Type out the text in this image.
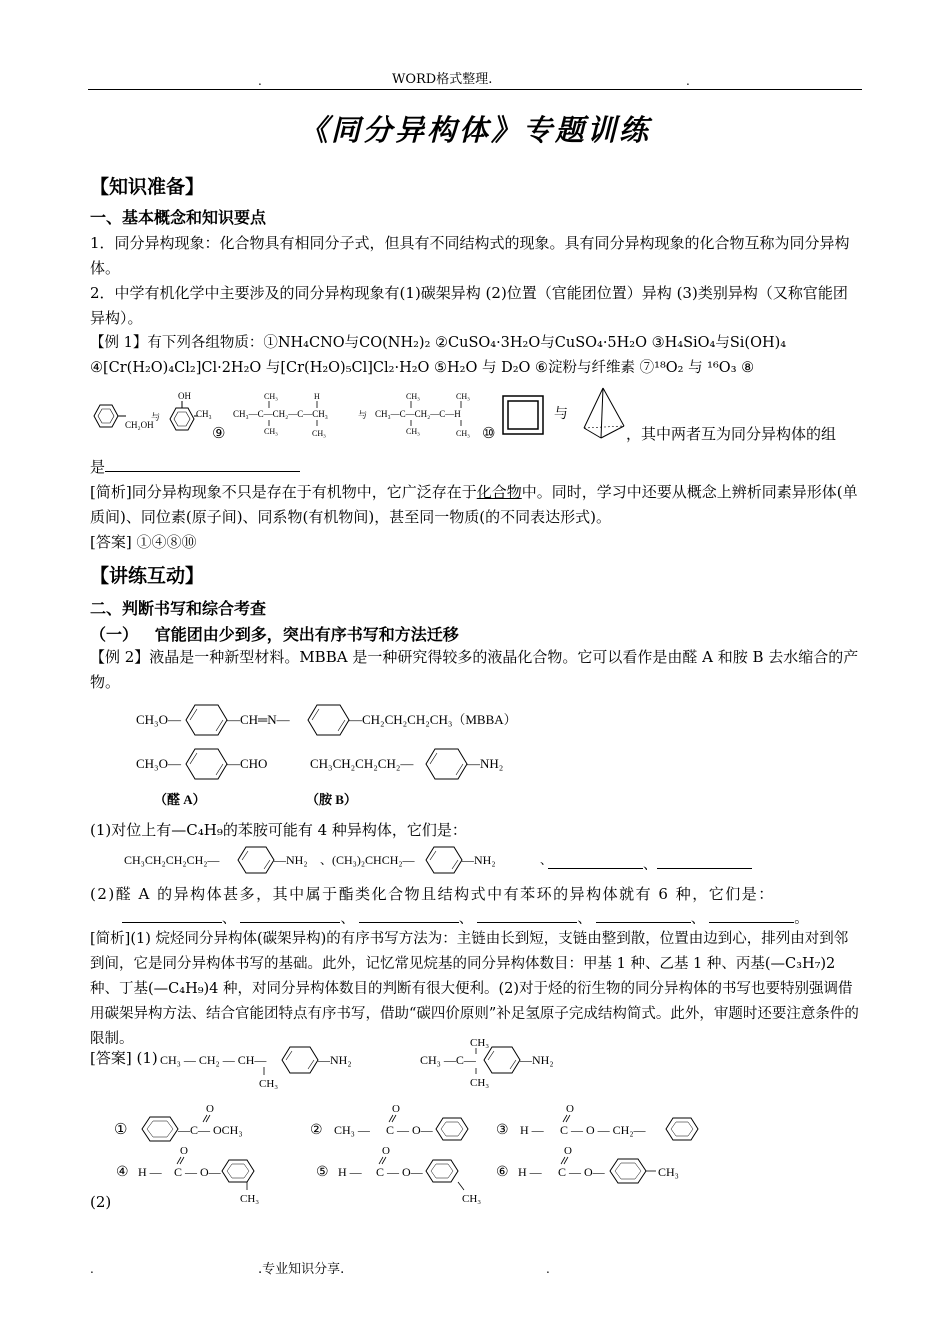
.	WORD格式整理.	.
《同分异构体》专题训练
【知识准备】
一、基本概念和知识要点
1．同分异构现象：化合物具有相同分子式，但具有不同结构式的现象。具有同分异构现象的化合物互称为同分异构体。
2．中学有机化学中主要涉及的同分异构现象有(1)碳架异构 (2)位置（官能团位置）异构 (3)类别异构（又称官能团异构）。
【例 1】有下列各组物质：①NH₄CNO与CO(NH₂)₂ ②CuSO₄·3H₂O与CuSO₄·5H₂O ③H₄SiO₄与Si(OH)₄
④[Cr(H₂O)₄Cl₂]Cl·2H₂O 与[Cr(H₂O)₅Cl]Cl₂·H₂O ⑤H₂O 与 D₂O ⑥淀粉与纤维素 ⑦¹⁸O₂ 与 ¹⁶O₃ ⑧
CH₂OH
与
OH
CH₃
⑨
CH₃	H
CH₃—C—CH₂—C—CH₃
CH₃	CH₃
与
CH₃	CH₃
CH₃—C—CH₂—C—H
CH₃	CH₃ ⑩
与
，其中两者互为同分异构体的组
是
[简析]同分异构现象不只是存在于有机物中，它广泛存在于化合物中。同时，学习中还要从概念上辨析同素异形体(单质间)、同位素(原子间)、同系物(有机物间)，甚至同一物质(的不同表达形式)。
[答案] ①④⑧⑩
【讲练互动】
二、判断书写和综合考查
（一）   官能团由少到多，突出有序书写和方法迁移
【例 2】液晶是一种新型材料。MBBA 是一种研究得较多的液晶化合物。它可以看作是由醛 A 和胺 B 去水缩合的产物。
CH₃O—	—CH═N—	—CH₂CH₂CH₂CH₃（MBBA）
CH₃O—	—CHO	CH₃CH₂CH₂CH₂—	—NH₂
（醛 A）	（胺 B）
(1)对位上有—C₄H₉的苯胺可能有 4 种异构体，它们是：
CH₃CH₂CH₂CH₂—	—NH₂ 、 (CH₃)₂CHCH₂—	—NH₂	、	、
(2)醛 A 的异构体甚多，其中属于酯类化合物且结构式中有苯环的异构体就有 6 种，它们是：
、	、	、	、	、	。
[简析](1) 烷烃同分异构体(碳架异构)的有序书写方法为：主链由长到短，支链由整到散，位置由边到心，排列由对到邻到间，它是同分异构体书写的基础。此外，记忆常见烷基的同分异构体数目：甲基 1 种、乙基 1 种、丙基(—C₃H₇)2 种、丁基(—C₄H₉)4 种，对同分异构体数目的判断有很大便利。(2)对于烃的衍生物的同分异构体的书写也要特别强调借用碳架异构方法、结合官能团特点有序书写，借助“碳四价原则”补足氢原子完成结构简式。此外，审题时还要注意条件的限制。
[答案] (1) CH₃ — CH₂ — CH—
CH₃
—NH₂
CH₃
CH₃ —C—
CH₃
—NH₂
①
O
—C— OCH₃	② CH₃ —
O
C — O—	③ H —
O
C — O — CH₂—
④ H —
O
C — O—
CH₃
⑤ H —
O
C — O—
CH₃
⑥ H —
O
C — O—	CH₃
(2)
.	.专业知识分享.	.
